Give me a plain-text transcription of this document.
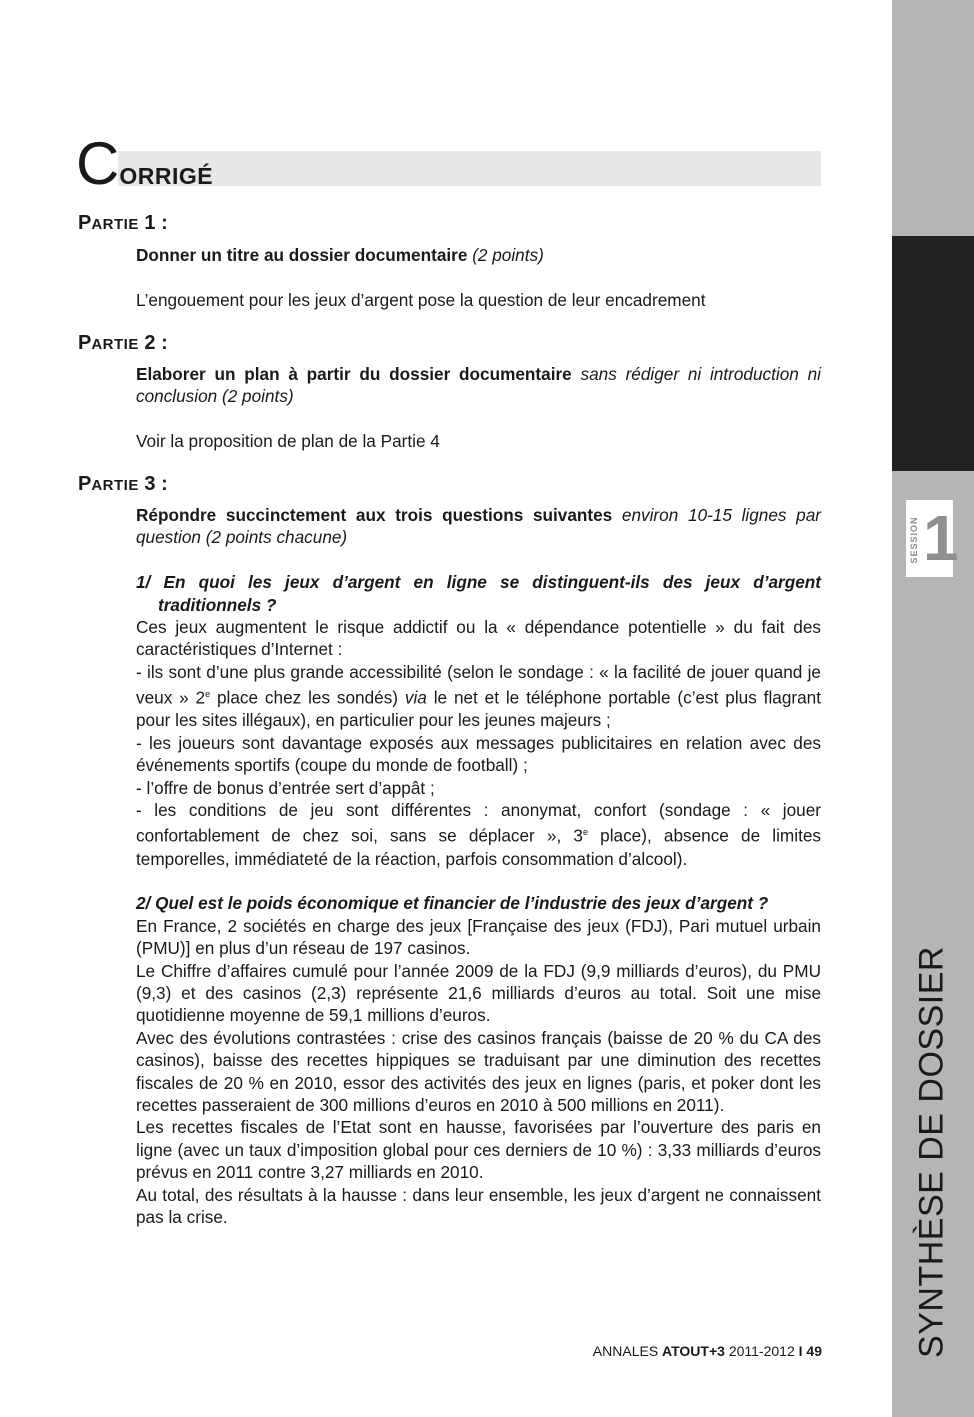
SESSION 1
CORRIGÉ
SYNTHÈSE DE DOSSIER
CORRIGÉ
PARTIE 1 :

Donner un titre au dossier documentaire (2 points)

L’engouement pour les jeux d’argent pose la question de leur encadrement

PARTIE 2 :

Elaborer un plan à partir du dossier documentaire sans rédiger ni introduction ni conclusion (2 points)

Voir la proposition de plan de la Partie 4

PARTIE 3 :

Répondre succinctement aux trois questions suivantes environ 10-15 lignes par question (2 points chacune)

1/ En quoi les jeux d’argent en ligne se distinguent-ils des jeux d’argent traditionnels ?

Ces jeux augmentent le risque addictif ou la « dépendance potentielle » du fait des caractéristiques d’Internet :

- ils sont d’une plus grande accessibilité (selon le sondage : « la facilité de jouer quand je veux » 2e place chez les sondés) via le net et le téléphone portable (c’est plus flagrant pour les sites illégaux), en particulier pour les jeunes majeurs ;

- les joueurs sont davantage exposés aux messages publicitaires en relation avec des événements sportifs (coupe du monde de football) ;

- l’offre de bonus d’entrée sert d’appât ;

- les conditions de jeu sont différentes : anonymat, confort (sondage : « jouer confortablement de chez soi, sans se déplacer », 3e place), absence de limites temporelles, immédiateté de la réaction, parfois consommation d’alcool).

2/ Quel est le poids économique et financier de l’industrie des jeux d’argent ?

En France, 2 sociétés en charge des jeux [Française des jeux (FDJ), Pari mutuel urbain (PMU)] en plus d’un réseau de 197 casinos.

Le Chiffre d’affaires cumulé pour l’année 2009 de la FDJ (9,9 milliards d’euros), du PMU (9,3) et des casinos (2,3) représente 21,6 milliards d’euros au total. Soit une mise quotidienne moyenne de 59,1 millions d’euros.

Avec des évolutions contrastées : crise des casinos français (baisse de 20 % du CA des casinos), baisse des recettes hippiques se traduisant par une diminution des recettes fiscales de 20 % en 2010, essor des activités des jeux en lignes (paris, et poker dont les recettes passeraient de 300 millions d’euros en 2010 à 500 millions en 2011).

Les recettes fiscales de l’Etat sont en hausse, favorisées par l’ouverture des paris en ligne (avec un taux d’imposition global pour ces derniers de 10 %) : 3,33 milliards d’euros prévus en 2011 contre 3,27 milliards en 2010.

Au total, des résultats à la hausse : dans leur ensemble, les jeux d’argent ne connaissent pas la crise.

ANNALES ATOUT+3 2011-2012 I 49
